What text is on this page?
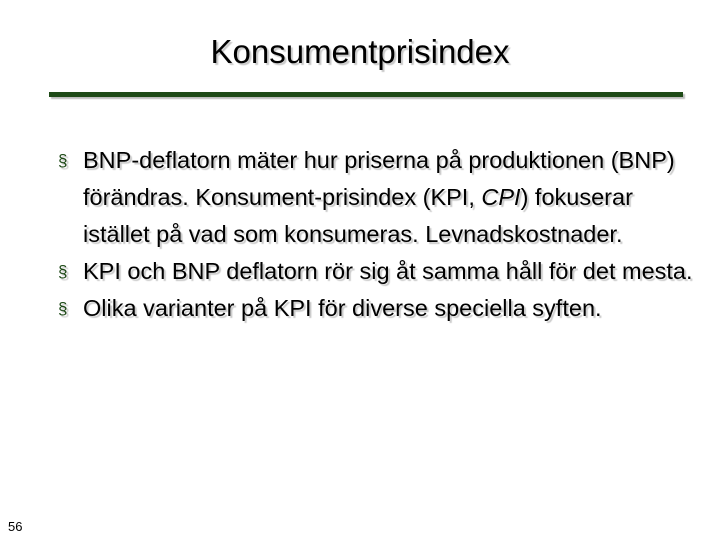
Konsumentprisindex
§ BNP-deflatorn mäter hur priserna på produktionen (BNP) förändras. Konsument-prisindex (KPI, CPI) fokuserar istället på vad som konsumeras. Levnadskostnader.
§ KPI och BNP deflatorn rör sig åt samma håll för det mesta.
§ Olika varianter på KPI för diverse speciella syften.
56
